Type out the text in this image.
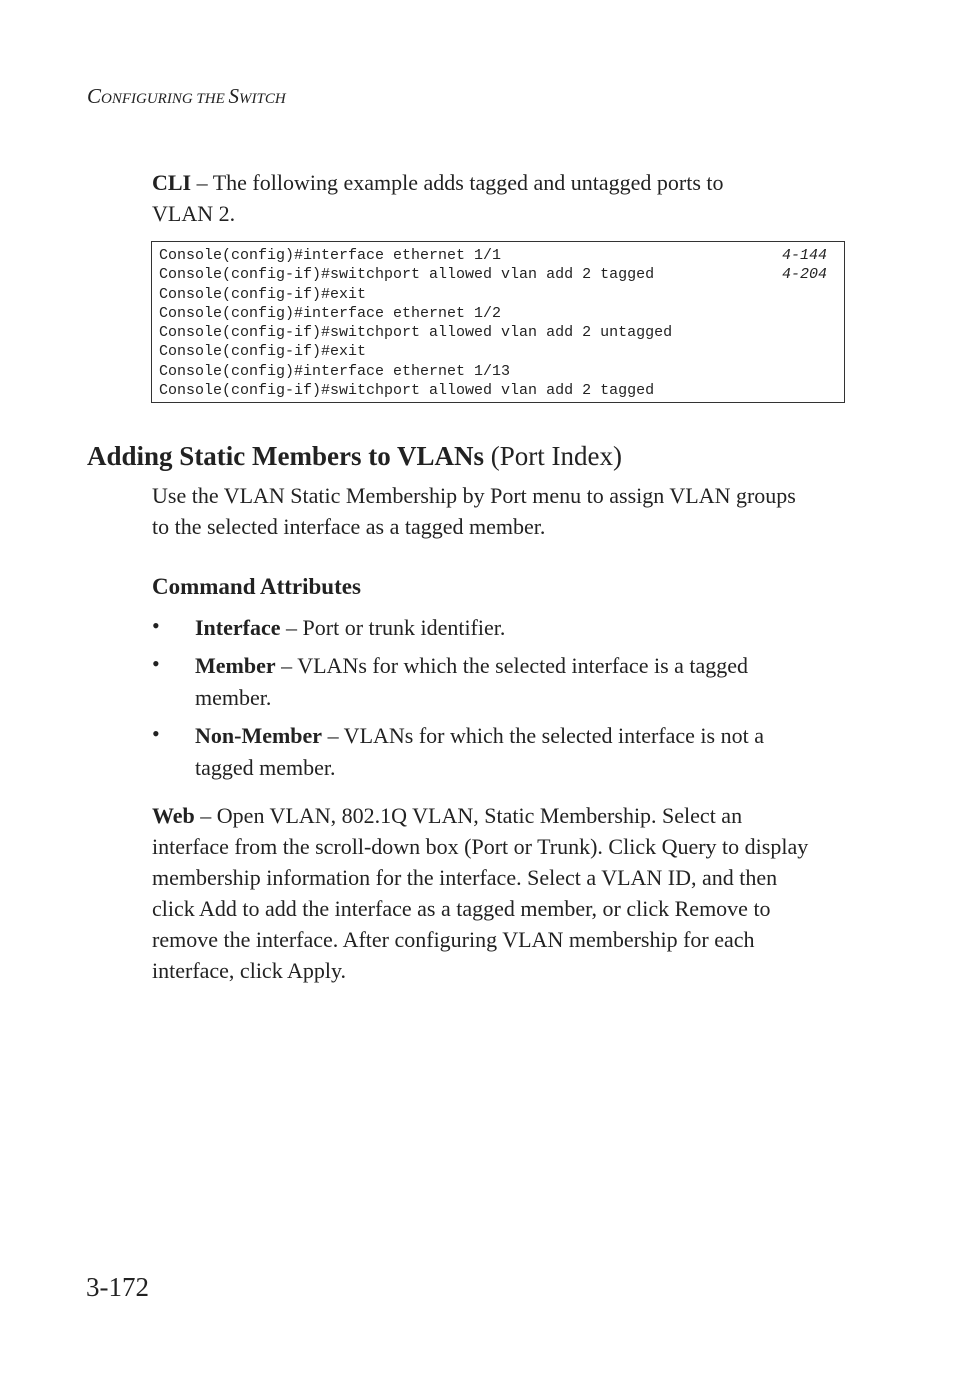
CONFIGURING THE SWITCH
CLI – The following example adds tagged and untagged ports to
VLAN 2.
Console(config)#interface ethernet 1/1	4-144
Console(config-if)#switchport allowed vlan add 2 tagged	4-204
Console(config-if)#exit
Console(config)#interface ethernet 1/2
Console(config-if)#switchport allowed vlan add 2 untagged
Console(config-if)#exit
Console(config)#interface ethernet 1/13
Console(config-if)#switchport allowed vlan add 2 tagged
Adding Static Members to VLANs (Port Index)
Use the VLAN Static Membership by Port menu to assign VLAN groups
to the selected interface as a tagged member.
Command Attributes
• Interface – Port or trunk identifier.
• Member – VLANs for which the selected interface is a tagged member.
• Non-Member – VLANs for which the selected interface is not a tagged member.
Web – Open VLAN, 802.1Q VLAN, Static Membership. Select an
interface from the scroll-down box (Port or Trunk). Click Query to display
membership information for the interface. Select a VLAN ID, and then
click Add to add the interface as a tagged member, or click Remove to
remove the interface. After configuring VLAN membership for each
interface, click Apply.
3-172
